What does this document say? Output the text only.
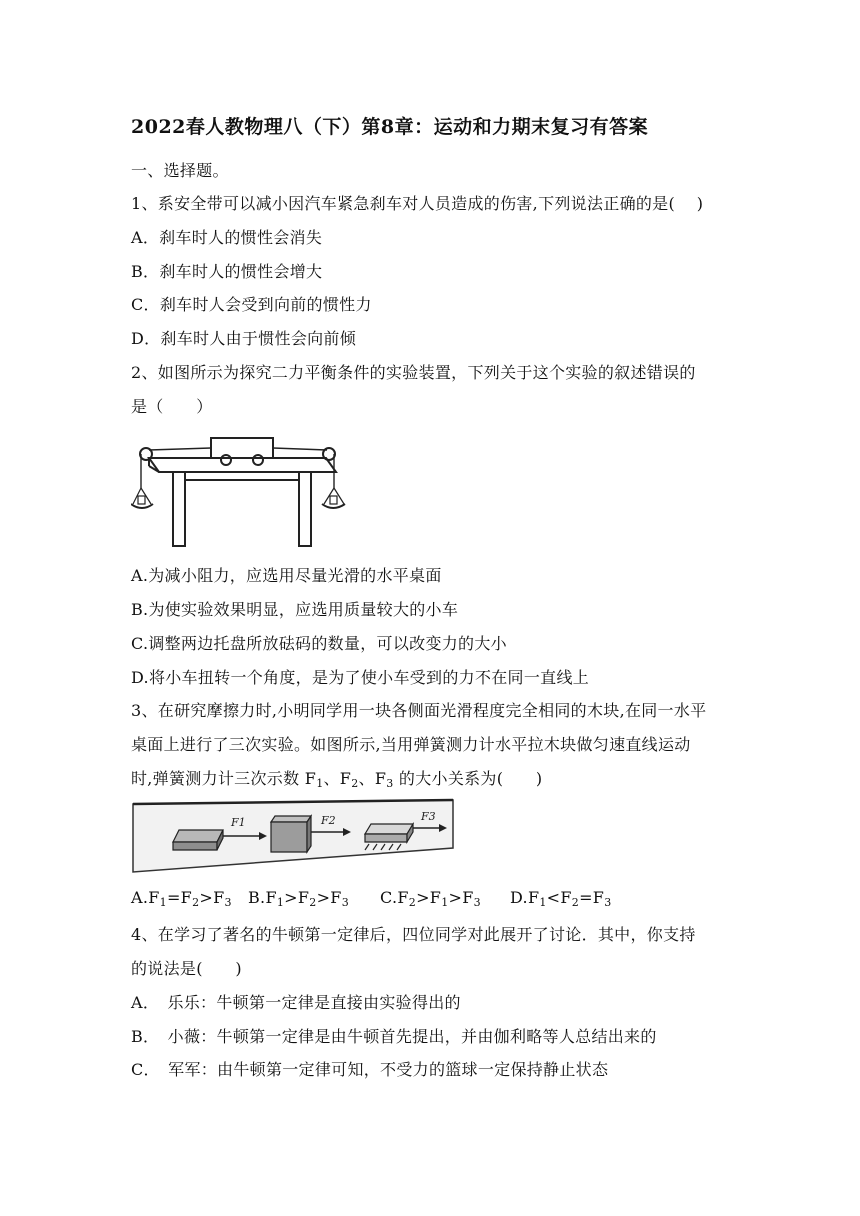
2022春人教物理八（下）第8章：运动和力期末复习有答案
一、选择题。
1、系安全带可以减小因汽车紧急刹车对人员造成的伤害,下列说法正确的是(　 )
A．刹车时人的惯性会消失
B．刹车时人的惯性会增大
C．刹车时人会受到向前的惯性力
D．刹车时人由于惯性会向前倾
2、如图所示为探究二力平衡条件的实验装置，下列关于这个实验的叙述错误的
是（　　）
A.为减小阻力，应选用尽量光滑的水平桌面
B.为使实验效果明显，应选用质量较大的小车
C.调整两边托盘所放砝码的数量，可以改变力的大小
D.将小车扭转一个角度，是为了使小车受到的力不在同一直线上
3、在研究摩擦力时,小明同学用一块各侧面光滑程度完全相同的木块,在同一水平
桌面上进行了三次实验。如图所示,当用弹簧测力计水平拉木块做匀速直线运动
时,弹簧测力计三次示数 $F_1$、$F_2$、$F_3$ 的大小关系为(　　)
F1	F2	F3
$A.F_1=F_2>F_3$ $B.F_1>F_2>F_3$ $C.F_2>F_1>F_3$ $D.F_1<F_2=F_3$
4、在学习了著名的牛顿第一定律后，四位同学对此展开了讨论．其中，你支持
的说法是(　　)
A．　乐乐：牛顿第一定律是直接由实验得出的
B．　小薇：牛顿第一定律是由牛顿首先提出，并由伽利略等人总结出来的
C．　军军：由牛顿第一定律可知，不受力的篮球一定保持静止状态
